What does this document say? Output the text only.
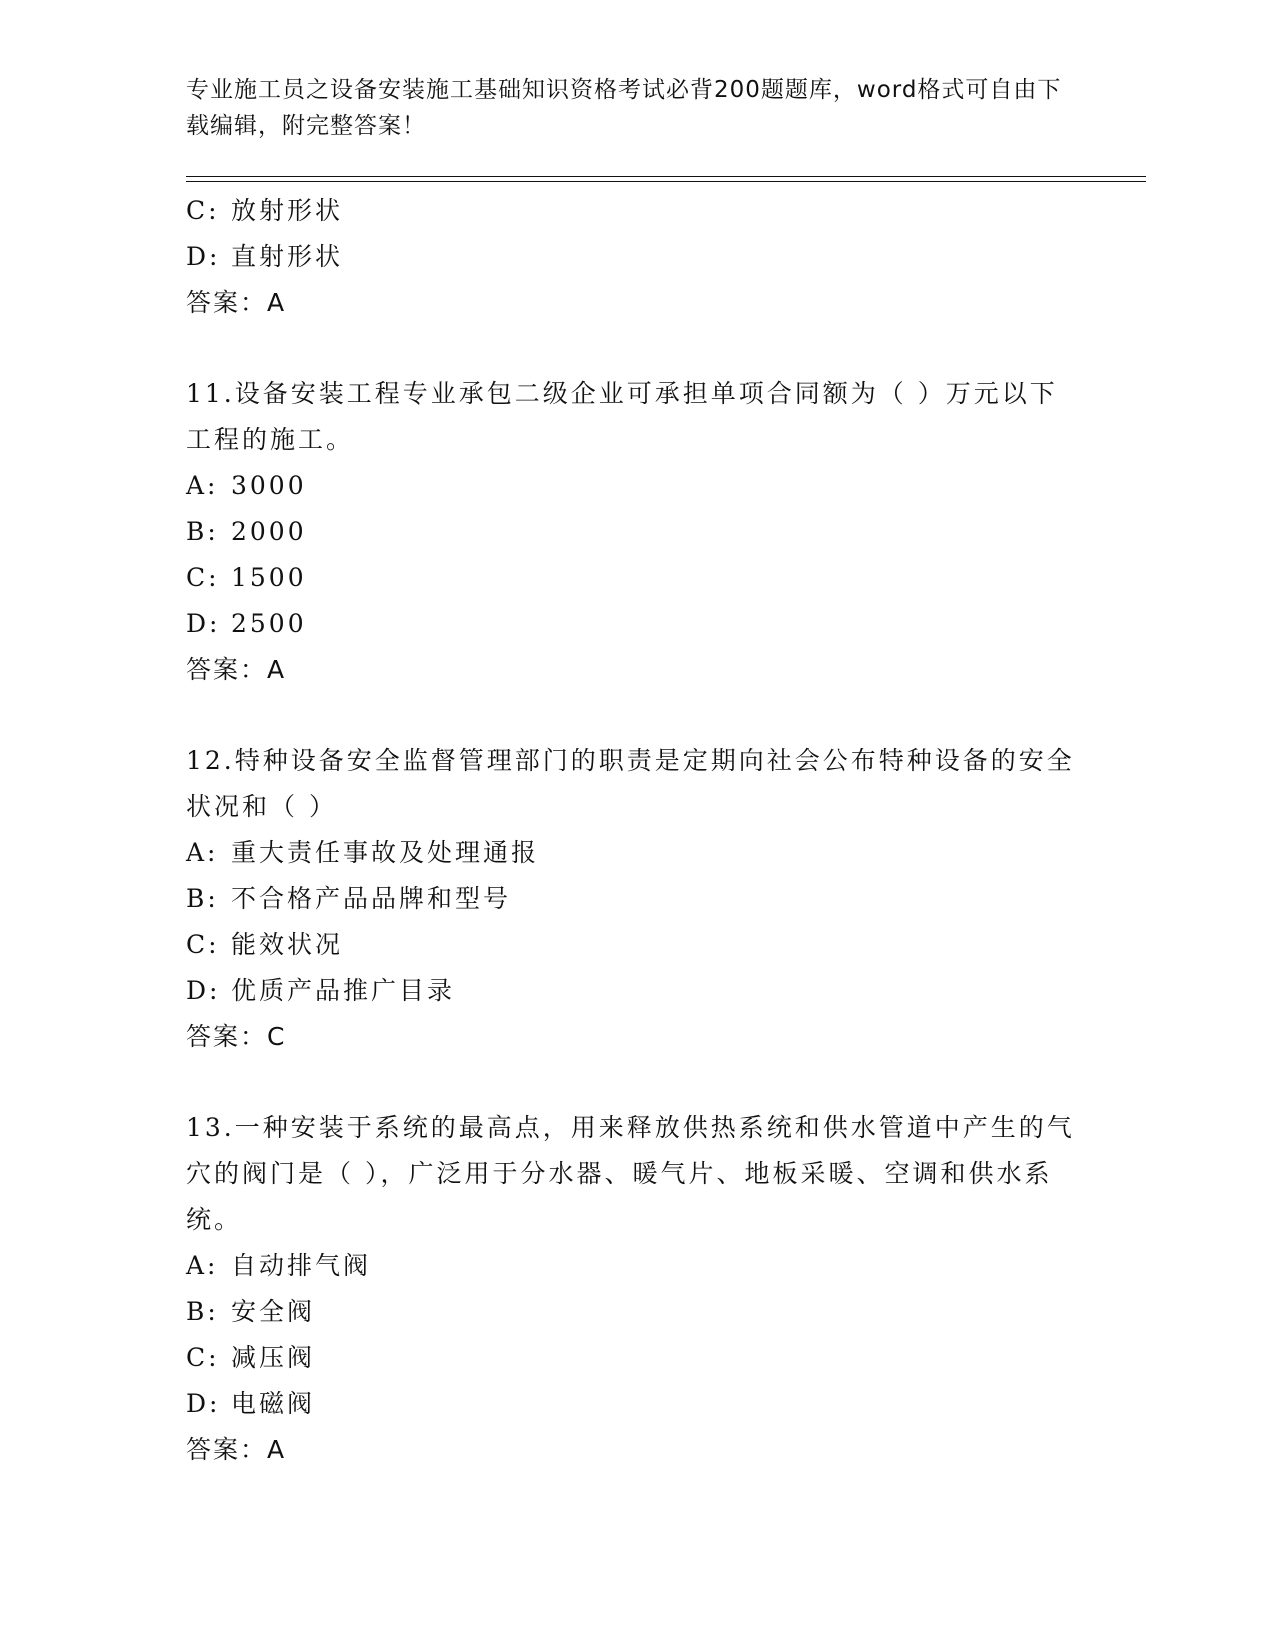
专业施工员之设备安装施工基础知识资格考试必背200题题库，word格式可自由下载编辑，附完整答案！
C: 放射形状
D: 直射形状
答案：A
11.设备安装工程专业承包二级企业可承担单项合同额为（ ）万元以下工程的施工。
A: 3000
B: 2000
C: 1500
D: 2500
答案：A
12.特种设备安全监督管理部门的职责是定期向社会公布特种设备的安全状况和（ ）
A: 重大责任事故及处理通报
B: 不合格产品品牌和型号
C: 能效状况
D: 优质产品推广目录
答案：C
13.一种安装于系统的最高点，用来释放供热系统和供水管道中产生的气穴的阀门是（ ），广泛用于分水器、暖气片、地板采暖、空调和供水系统。
A: 自动排气阀
B: 安全阀
C: 减压阀
D: 电磁阀
答案：A
